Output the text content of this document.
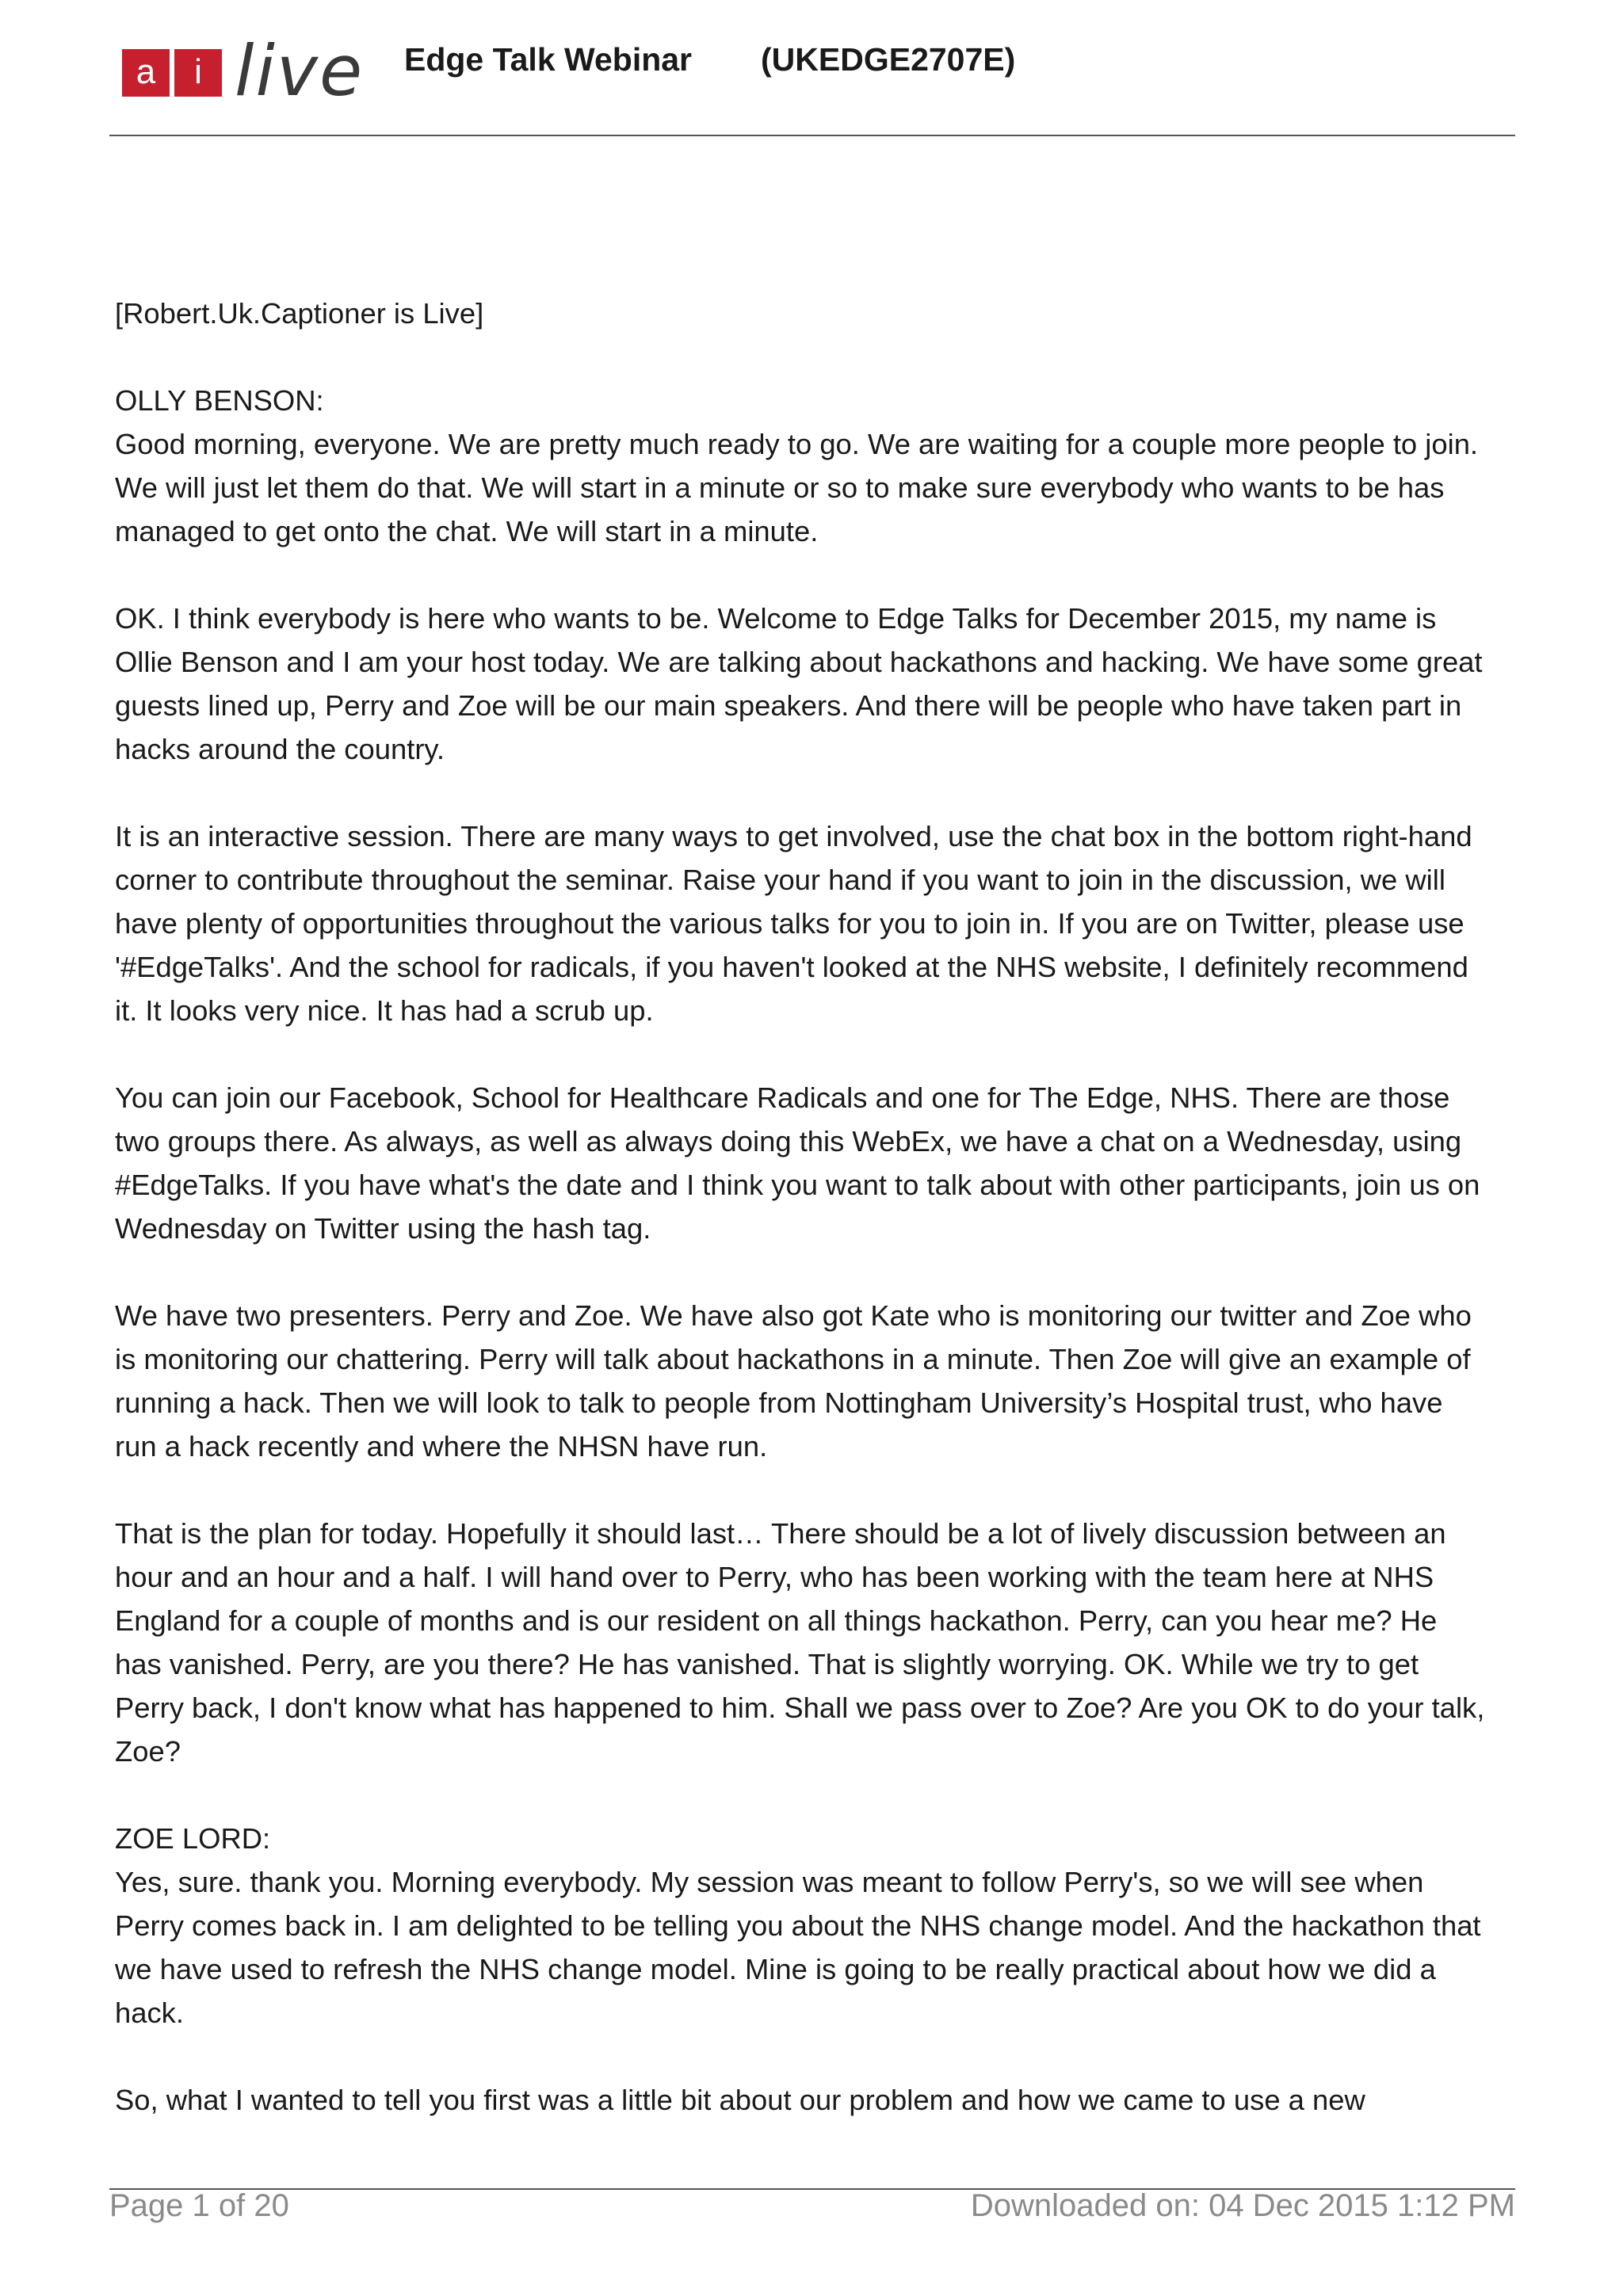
a	i live Edge Talk Webinar (UKEDGE2707E)

[Robert.Uk.Captioner is Live]

OLLY BENSON:

Good morning, everyone. We are pretty much ready to go. We are waiting for a couple more people to join. We will just let them do that. We will start in a minute or so to make sure everybody who wants to be has managed to get onto the chat. We will start in a minute.

OK. I think everybody is here who wants to be. Welcome to Edge Talks for December 2015, my name is Ollie Benson and I am your host today. We are talking about hackathons and hacking. We have some great guests lined up, Perry and Zoe will be our main speakers. And there will be people who have taken part in hacks around the country.

It is an interactive session. There are many ways to get involved, use the chat box in the bottom right-hand corner to contribute throughout the seminar. Raise your hand if you want to join in the discussion, we will have plenty of opportunities throughout the various talks for you to join in. If you are on Twitter, please use '#EdgeTalks'. And the school for radicals, if you haven't looked at the NHS website, I definitely recommend it. It looks very nice. It has had a scrub up.

You can join our Facebook, School for Healthcare Radicals and one for The Edge, NHS. There are those two groups there. As always, as well as always doing this WebEx, we have a chat on a Wednesday, using #EdgeTalks. If you have what's the date and I think you want to talk about with other participants, join us on Wednesday on Twitter using the hash tag.

We have two presenters. Perry and Zoe. We have also got Kate who is monitoring our twitter and Zoe who is monitoring our chattering. Perry will talk about hackathons in a minute. Then Zoe will give an example of running a hack. Then we will look to talk to people from Nottingham University’s Hospital trust, who have run a hack recently and where the NHSN have run.

That is the plan for today. Hopefully it should last… There should be a lot of lively discussion between an hour and an hour and a half. I will hand over to Perry, who has been working with the team here at NHS England for a couple of months and is our resident on all things hackathon. Perry, can you hear me? He has vanished. Perry, are you there? He has vanished. That is slightly worrying. OK. While we try to get Perry back, I don't know what has happened to him. Shall we pass over to Zoe? Are you OK to do your talk, Zoe?

ZOE LORD:

Yes, sure. thank you. Morning everybody. My session was meant to follow Perry's, so we will see when Perry comes back in. I am delighted to be telling you about the NHS change model. And the hackathon that we have used to refresh the NHS change model. Mine is going to be really practical about how we did a hack.

So, what I wanted to tell you first was a little bit about our problem and how we came to use a new

Page 1 of 20	Downloaded on: 04 Dec 2015 1:12 PM
